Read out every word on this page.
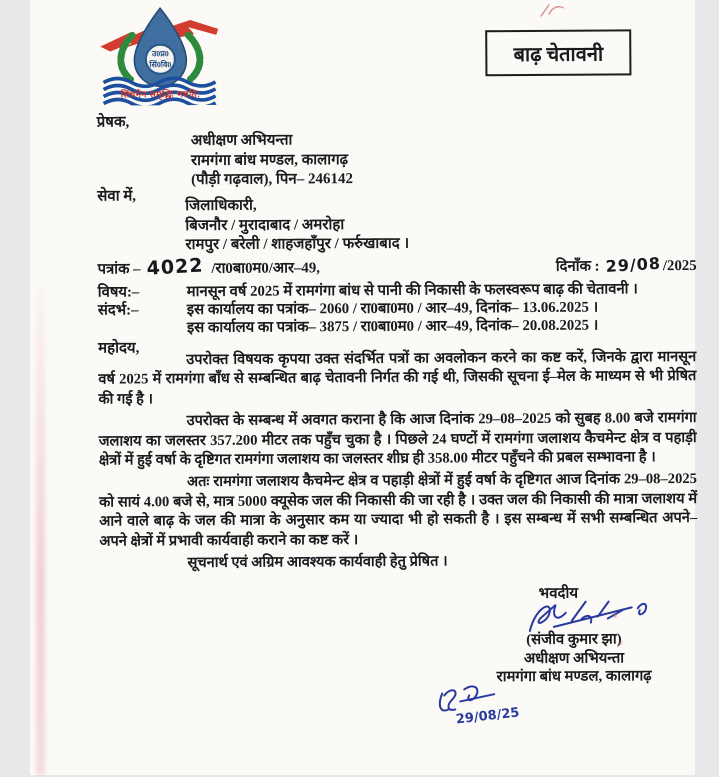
उ0प्र0
सिं0वि0
सिंचनेन समृद्धिः भवति:
बाढ़ चेतावनी
प्रेषक,
अधीक्षण अभियन्ता
रामगंगा बांध मण्डल, कालागढ़
(पौड़ी गढ़वाल), पिन– 246142
सेवा में,
जिलाधिकारी,
बिजनौर / मुरादाबाद / अमरोहा
रामपुर / बरेली / शाहजहाँपुर / फर्रुखाबाद ।
पत्रांक – 4022 /रा0बा0म0/आर–49,	दिनाँक : 29/08 /2025
विषय:–	मानसून वर्ष 2025 में रामगंगा बांध से पानी की निकासी के फलस्वरूप बाढ़ की चेतावनी ।
संदर्भ:–	इस कार्यालय का पत्रांक– 2060 / रा0बा0म0 / आर–49, दिनांक– 13.06.2025 ।
इस कार्यालय का पत्रांक– 3875 / रा0बा0म0 / आर–49, दिनांक– 20.08.2025 ।
महोदय,

उपरोक्त विषयक कृपया उक्त संदर्भित पत्रों का अवलोकन करने का कष्ट करें, जिनके द्वारा मानसून वर्ष 2025 में रामगंगा बाँध से सम्बन्धित बाढ़ चेतावनी निर्गत की गई थी, जिसकी सूचना ई–मेल के माध्यम से भी प्रेषित की गई है ।

उपरोक्त के सम्बन्ध में अवगत कराना है कि आज दिनांक 29–08–2025 को सुबह 8.00 बजे रामगंगा जलाशय का जलस्तर 357.200 मीटर तक पहुँच चुका है । पिछले 24 घण्टों में रामगंगा जलाशय कैचमेन्ट क्षेत्र व पहाड़ी क्षेत्रों में हुई वर्षा के दृष्टिगत रामगंगा जलाशय का जलस्तर शीघ्र ही 358.00 मीटर पहुँचने की प्रबल सम्भावना है ।

अतः रामगंगा जलाशय कैचमेन्ट क्षेत्र व पहाड़ी क्षेत्रों में हुई वर्षा के दृष्टिगत आज दिनांक 29–08–2025 को सायं 4.00 बजे से, मात्र 5000 क्यूसेक जल की निकासी की जा रही है । उक्त जल की निकासी की मात्रा जलाशय में आने वाले बाढ़ के जल की मात्रा के अनुसार कम या ज्यादा भी हो सकती है । इस सम्बन्ध में सभी सम्बन्धित अपने–अपने क्षेत्रों में प्रभावी कार्यवाही कराने का कष्ट करें ।

सूचनार्थ एवं अग्रिम आवश्यक कार्यवाही हेतु प्रेषित ।

भवदीय
(संजीव कुमार झा)
अधीक्षण अभियन्ता
रामगंगा बांध मण्डल, कालागढ़
29/08/25
